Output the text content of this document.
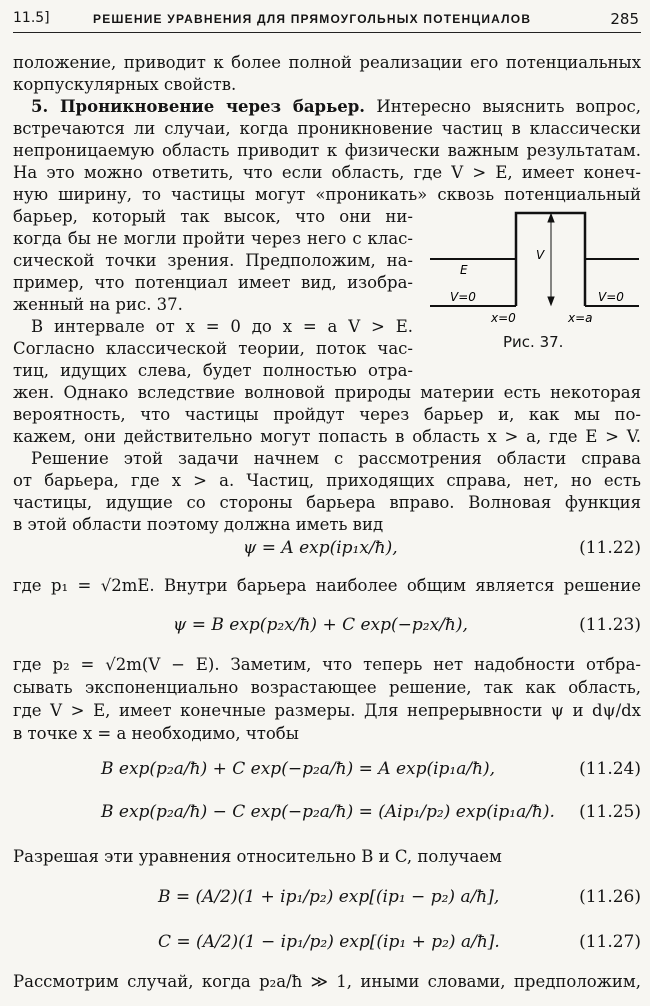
11.5]	РЕШЕНИЕ УРАВНЕНИЯ ДЛЯ ПРЯМОУГОЛЬНЫХ ПОТЕНЦИАЛОВ	285
положение, приводит к более полной реализации его потенциальных
корпускулярных свойств.
5. Проникновение через барьер. Интересно выяснить вопрос,
встречаются ли случаи, когда проникновение частиц в классически
непроницаемую область приводит к физически важным результатам.
На это можно ответить, что если область, где V > E, имеет конеч-
ную ширину, то частицы могут «проникать» сквозь потенциальный
барьер, который так высок, что они ни-
когда бы не могли пройти через него с клас-
сической точки зрения. Предположим, на-
пример, что потенциал имеет вид, изобра-
женный на рис. 37.
В интервале от x = 0 до x = a V > E.
Согласно классической теории, поток час-
тиц, идущих слева, будет полностью отра-
жен. Однако вследствие волновой природы материи есть некоторая
вероятность, что частицы пройдут через барьер и, как мы по-
кажем, они действительно могут попасть в область x > a, где E > V.
Решение этой задачи начнем с рассмотрения области справа
от барьера, где x > a. Частиц, приходящих справа, нет, но есть
частицы, идущие со стороны барьера вправо. Волновая функция
в этой области поэтому должна иметь вид
ψ = A exp(ip₁x/ħ),	(11.22)
где p₁ = √2mE. Внутри барьера наиболее общим является решение
ψ = B exp(p₂x/ħ) + C exp(−p₂x/ħ),	(11.23)
где p₂ = √2m(V − E). Заметим, что теперь нет надобности отбра-
сывать экспоненциально возрастающее решение, так как область,
где V > E, имеет конечные размеры. Для непрерывности ψ и dψ/dx
в точке x = a необходимо, чтобы
B exp(p₂a/ħ) + C exp(−p₂a/ħ) = A exp(ip₁a/ħ),	(11.24)
B exp(p₂a/ħ) − C exp(−p₂a/ħ) = (Aip₁/p₂) exp(ip₁a/ħ). (11.25)
Разрешая эти уравнения относительно B и C, получаем
B = (A/2)(1 + ip₁/p₂) exp[(ip₁ − p₂) a/ħ],	(11.26)
C = (A/2)(1 − ip₁/p₂) exp[(ip₁ + p₂) a/ħ].	(11.27)
Рассмотрим случай, когда p₂a/ħ ≫ 1, иными словами, предположим,
E
V
V=0	V=0
x=0	x=a
Рис. 37.
